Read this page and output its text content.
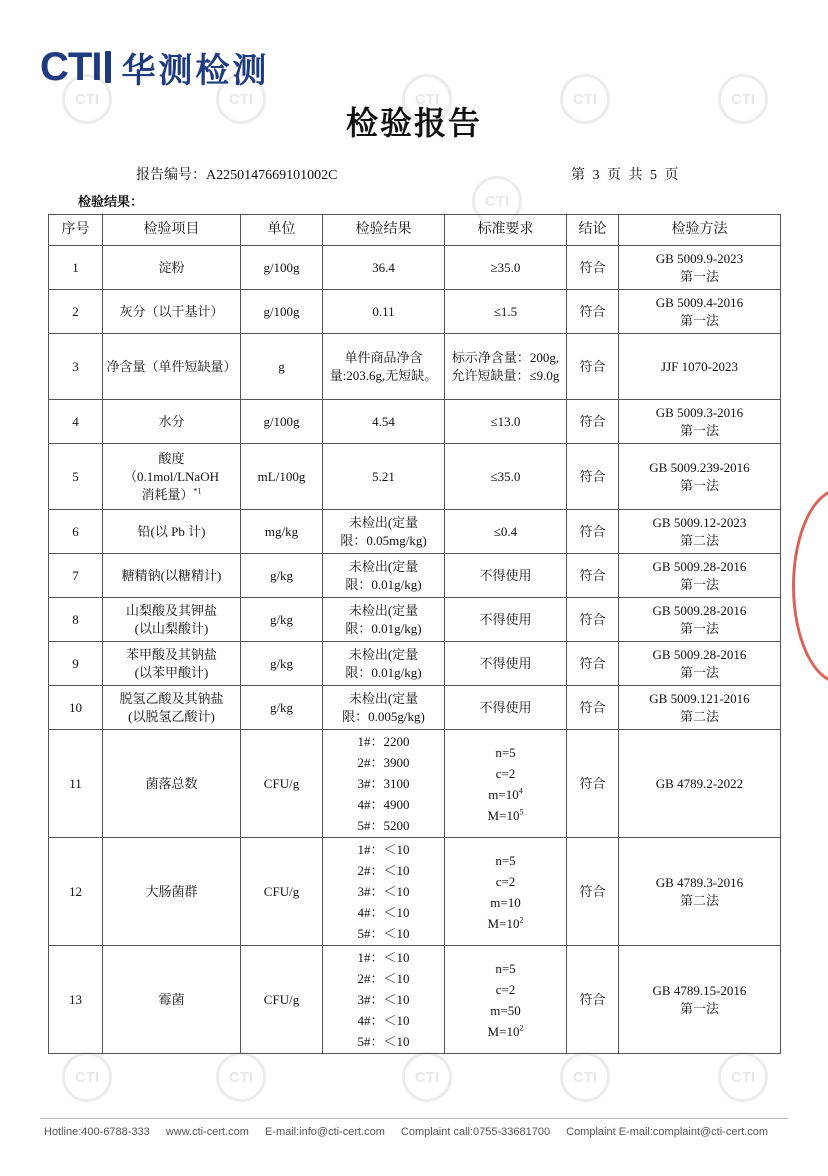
CTI	CTI	CTI	CTI	CTI
CTI
CTI	CTI	CTI	CTI	CTI
CTI 华测检测
检验报告
报告编号：A2250147669101002C	第 3 页 共 5 页
检验结果：
序号	检验项目	单位	检验结果	标准要求	结论	检验方法
1	淀粉	g/100g	36.4	≥35.0	符合	GB 5009.9-2023
第一法
2	灰分（以干基计）	g/100g	0.11	≤1.5	符合	GB 5009.4-2016
第一法
3	净含量（单件短缺量）	g	单件商品净含量:203.6g,无短缺。	标示净含量：200g,允许短缺量：≤9.0g	符合	JJF 1070-2023
4	水分	g/100g	4.54	≤13.0	符合	GB 5009.3-2016
第一法
5	酸度
（0.1mol/LNaOH
消耗量）$^{*1}$	mL/100g	5.21	≤35.0	符合	GB 5009.239-2016
第一法
6	铅(以 Pb 计)	mg/kg	未检出(定量
限：0.05mg/kg)	≤0.4	符合	GB 5009.12-2023
第二法
7	糖精钠(以糖精计)	g/kg	未检出(定量
限：0.01g/kg)	不得使用	符合	GB 5009.28-2016
第一法
8	山梨酸及其钾盐
(以山梨酸计)	g/kg	未检出(定量
限：0.01g/kg)	不得使用	符合	GB 5009.28-2016
第一法
9	苯甲酸及其钠盐
(以苯甲酸计)	g/kg	未检出(定量
限：0.01g/kg)	不得使用	符合	GB 5009.28-2016
第一法
10	脱氢乙酸及其钠盐
(以脱氢乙酸计)	g/kg	未检出(定量
限：0.005g/kg)	不得使用	符合	GB 5009.121-2016
第二法
11	菌落总数	CFU/g	1#：2200
2#：3900
3#：3100
4#：4900
5#：5200	n=5
c=2
$m=10^4$
$M=10^5$	符合	GB 4789.2-2022
12	大肠菌群	CFU/g	1#：＜10
2#：＜10
3#：＜10
4#：＜10
5#：＜10	n=5
c=2
m=10
$M=10^2$	符合	GB 4789.3-2016
第二法
13	霉菌	CFU/g	1#：＜10
2#：＜10
3#：＜10
4#：＜10
5#：＜10	n=5
c=2
m=50
$M=10^2$	符合	GB 4789.15-2016
第一法
Hotline:400-6788-333 www.cti-cert.com E-mail:info@cti-cert.com Complaint call:0755-33681700 Complaint E-mail:complaint@cti-cert.com
